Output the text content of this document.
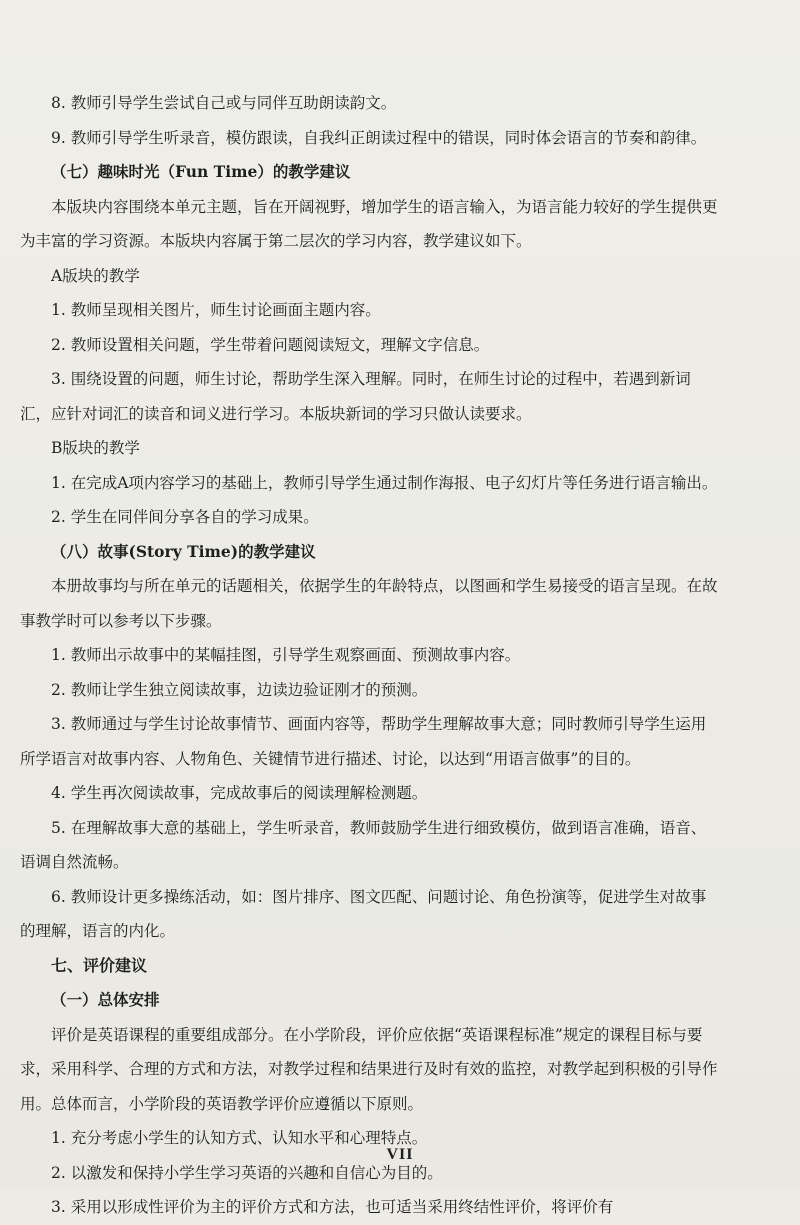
8. 教师引导学生尝试自己或与同伴互助朗读韵文。

9. 教师引导学生听录音，模仿跟读，自我纠正朗读过程中的错误，同时体会语言的节奏和韵律。

（七）趣味时光（Fun Time）的教学建议

本版块内容围绕本单元主题，旨在开阔视野，增加学生的语言输入，为语言能力较好的学生提供更为丰富的学习资源。本版块内容属于第二层次的学习内容，教学建议如下。

A版块的教学

1. 教师呈现相关图片，师生讨论画面主题内容。

2. 教师设置相关问题，学生带着问题阅读短文，理解文字信息。

3. 围绕设置的问题，师生讨论，帮助学生深入理解。同时，在师生讨论的过程中，若遇到新词汇，应针对词汇的读音和词义进行学习。本版块新词的学习只做认读要求。

B版块的教学

1. 在完成A项内容学习的基础上，教师引导学生通过制作海报、电子幻灯片等任务进行语言输出。

2. 学生在同伴间分享各自的学习成果。

（八）故事(Story Time)的教学建议

本册故事均与所在单元的话题相关，依据学生的年龄特点，以图画和学生易接受的语言呈现。在故事教学时可以参考以下步骤。

1. 教师出示故事中的某幅挂图，引导学生观察画面、预测故事内容。

2. 教师让学生独立阅读故事，边读边验证刚才的预测。

3. 教师通过与学生讨论故事情节、画面内容等，帮助学生理解故事大意；同时教师引导学生运用所学语言对故事内容、人物角色、关键情节进行描述、讨论，以达到“用语言做事”的目的。

4. 学生再次阅读故事，完成故事后的阅读理解检测题。

5. 在理解故事大意的基础上，学生听录音，教师鼓励学生进行细致模仿，做到语言准确，语音、语调自然流畅。

6. 教师设计更多操练活动，如：图片排序、图文匹配、问题讨论、角色扮演等，促进学生对故事的理解，语言的内化。

七、评价建议

（一）总体安排

评价是英语课程的重要组成部分。在小学阶段，评价应依据“英语课程标准”规定的课程目标与要求，采用科学、合理的方式和方法，对教学过程和结果进行及时有效的监控，对教学起到积极的引导作用。总体而言，小学阶段的英语教学评价应遵循以下原则。

1. 充分考虑小学生的认知方式、认知水平和心理特点。

2. 以激发和保持小学生学习英语的兴趣和自信心为目的。

3. 采用以形成性评价为主的评价方式和方法，也可适当采用终结性评价，将评价有

VII
